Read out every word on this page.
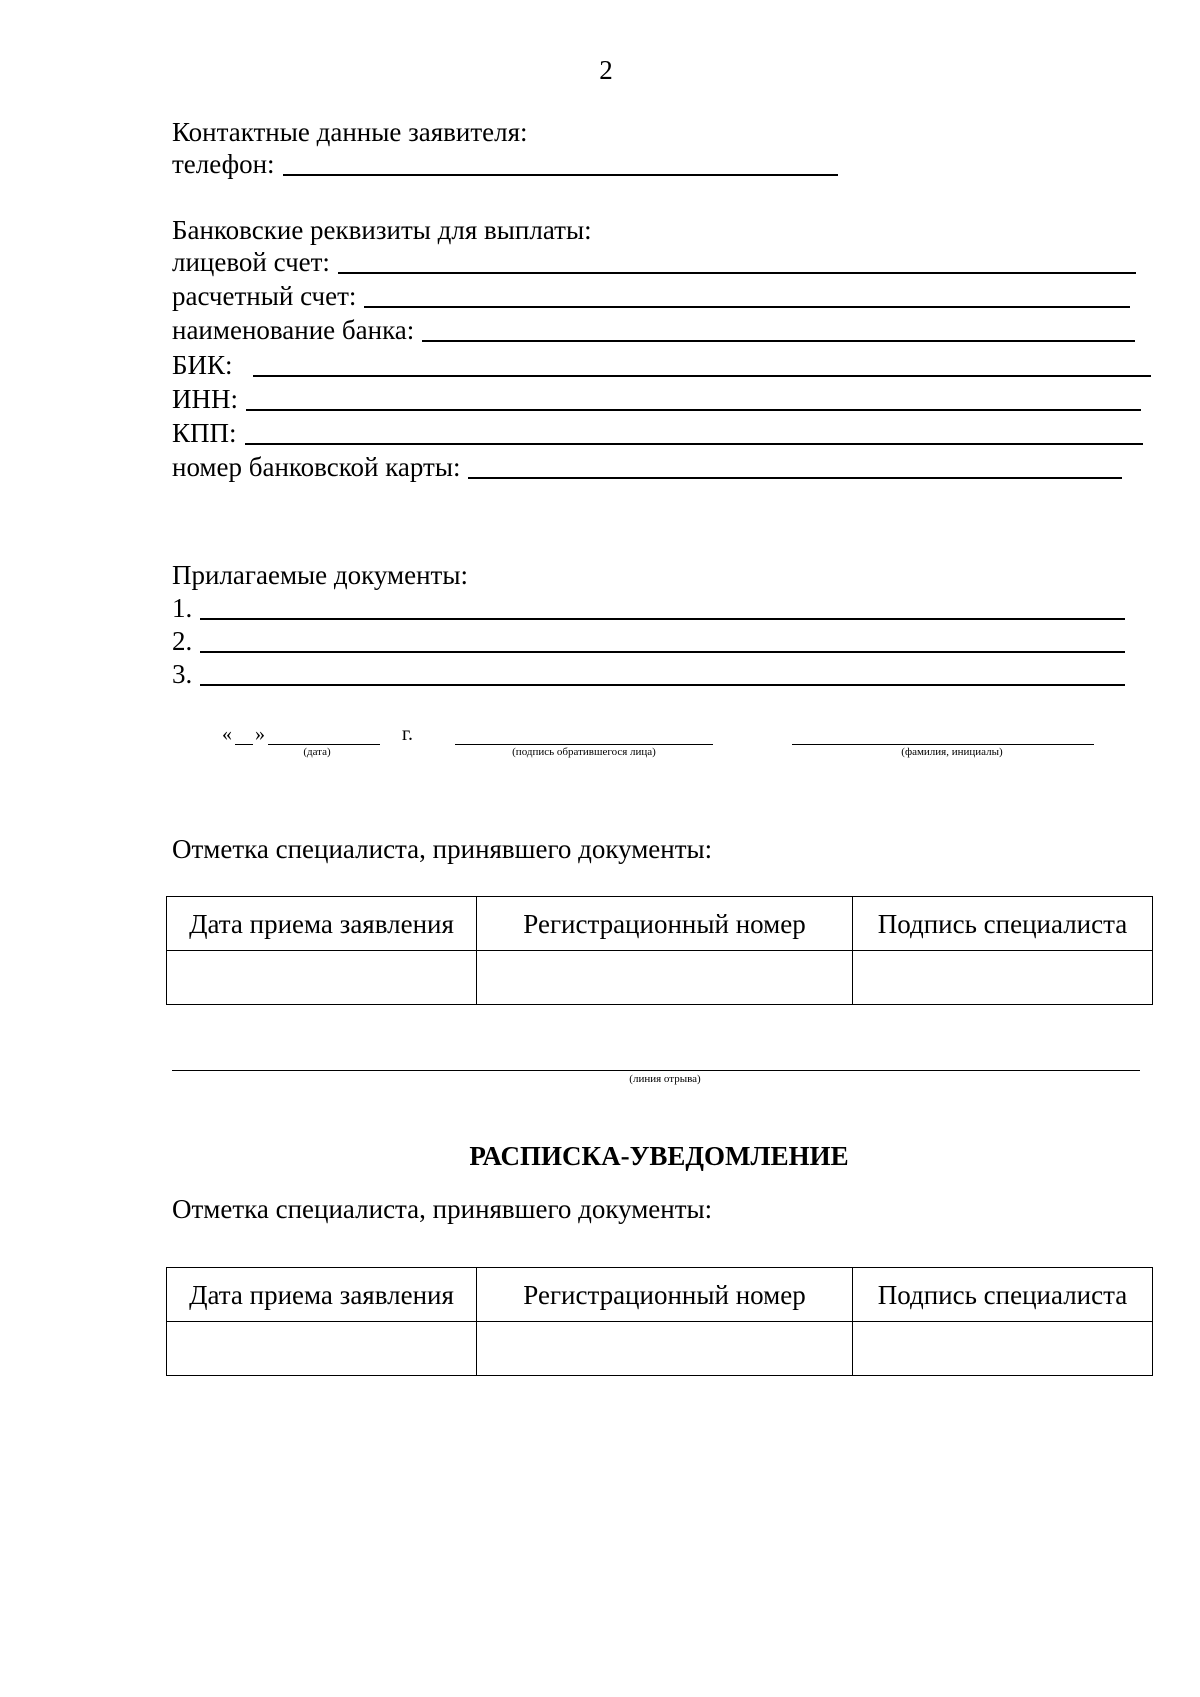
2
Контактные данные заявителя:
телефон:
Банковские реквизиты для выплаты:
лицевой счет:
расчетный счет:
наименование банка:
БИК:
ИНН:
КПП:
номер банковской карты:
Прилагаемые документы:
1.
2.
3.
« »	г.
(дата)	(подпись обратившегося лица)	(фамилия, инициалы)
Отметка специалиста, принявшего документы:
Дата приема заявления	Регистрационный номер	Подпись специалиста

(линия отрыва)
РАСПИСКА-УВЕДОМЛЕНИЕ
Отметка специалиста, принявшего документы:
Дата приема заявления	Регистрационный номер	Подпись специалиста
